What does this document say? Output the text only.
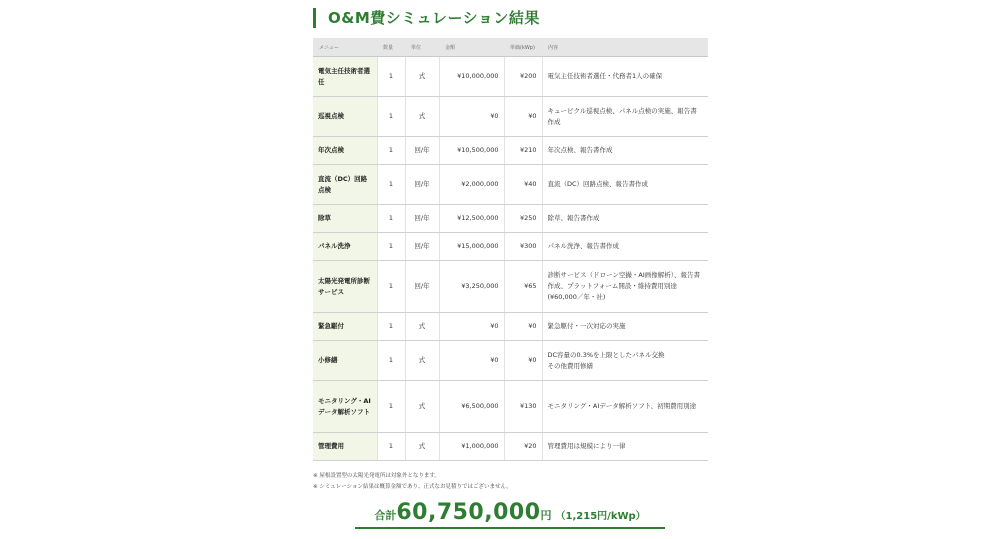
O&M費シミュレーション結果
メニュー	数量	単位	金額	単価(kWp)	内容
電気主任技術者選任	1	式	¥10,000,000	¥200	電気主任技術者選任・代務者1人の確保
巡視点検	1	式	¥0	¥0	キュービクル巡視点検、パネル点検の実施、報告書作成
年次点検	1	回/年	¥10,500,000	¥210	年次点検、報告書作成
直流（DC）回路点検	1	回/年	¥2,000,000	¥40	直流（DC）回路点検、報告書作成
除草	1	回/年	¥12,500,000	¥250	除草、報告書作成
パネル洗浄	1	回/年	¥15,000,000	¥300	パネル洗浄、報告書作成
太陽光発電所診断サービス	1	回/年	¥3,250,000	¥65	診断サービス（ドローン空撮・AI画像解析）、報告書作成、プラットフォーム開設・維持費用別途(¥60,000／年・社)
緊急駆付	1	式	¥0	¥0	緊急駆付・一次対応の実施
小修繕	1	式	¥0	¥0	DC容量の0.3%を上限としたパネル交換
その他費用修繕
モニタリング・AIデータ解析ソフト	1	式	¥6,500,000	¥130	モニタリング・AIデータ解析ソフト、初期費用別途
管理費用	1	式	¥1,000,000	¥20	管理費用は規模により一律
※ 屋根設置型の太陽光発電所は対象外となります。
※ シミュレーション結果は概算金額であり、正式なお見積りではございません。
合計60,750,000円 （1,215円/kWp）
